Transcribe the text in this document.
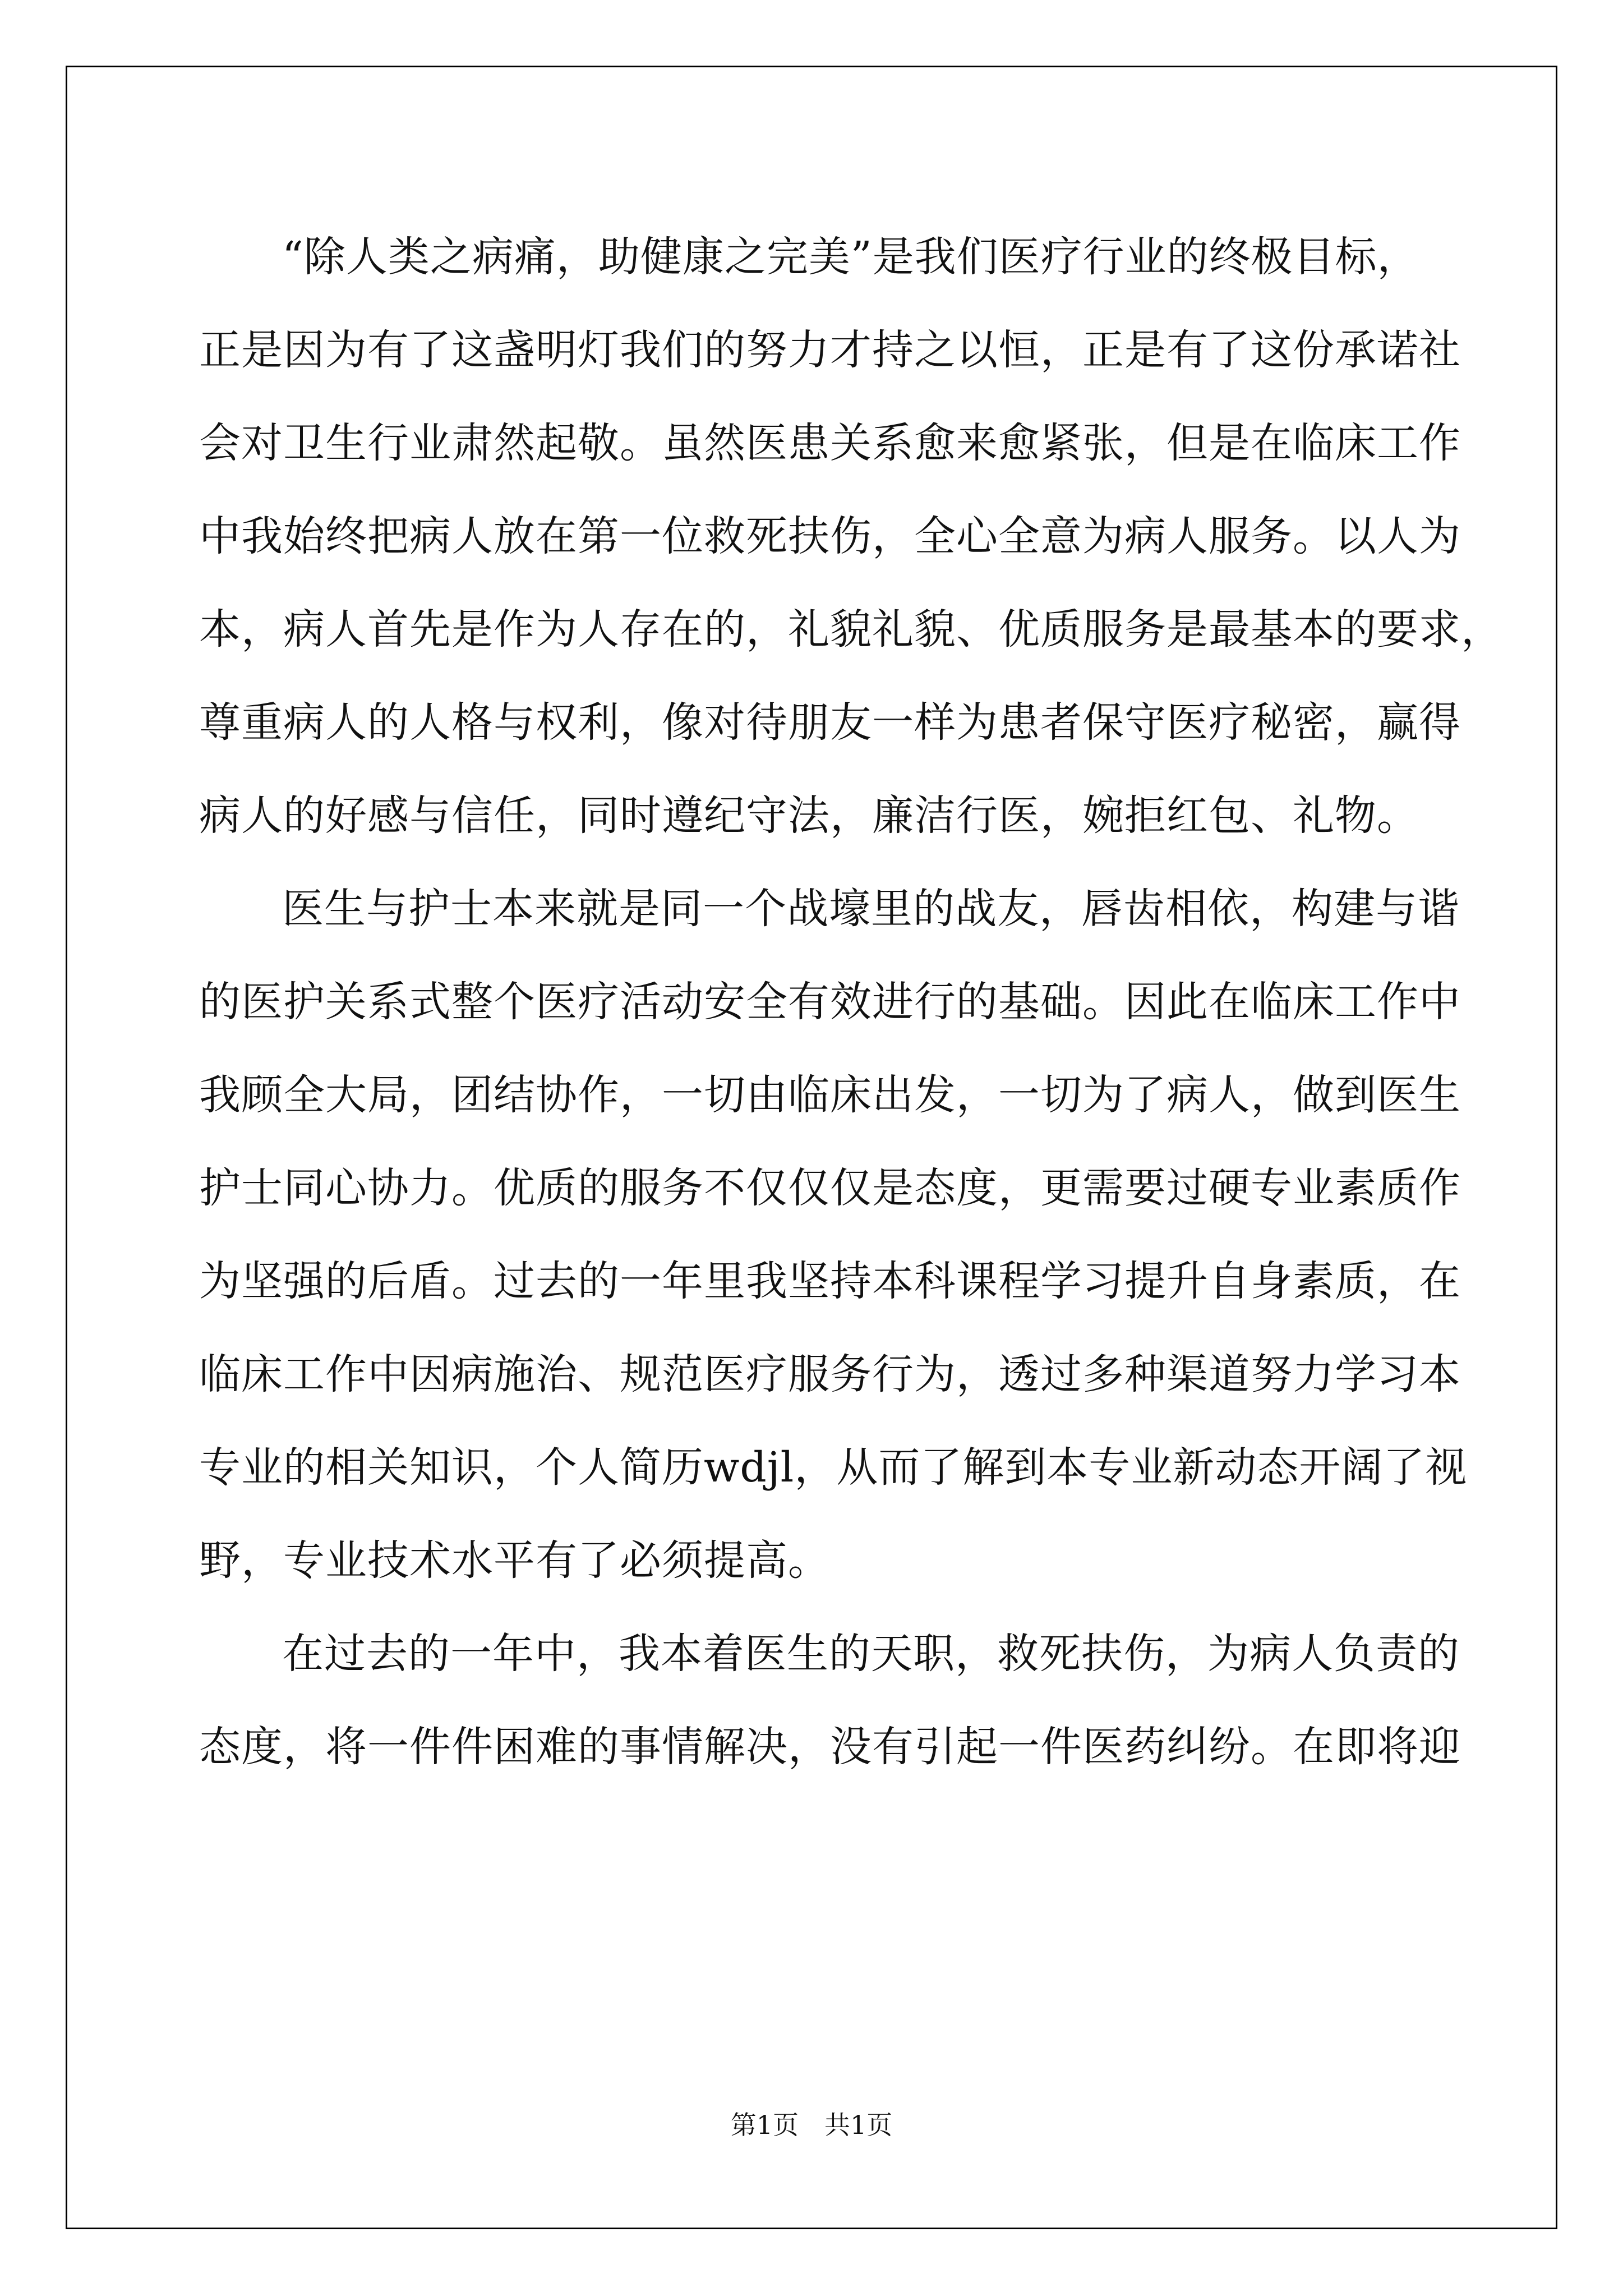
“除人类之病痛，助健康之完美”是我们医疗行业的终极目标，
正是因为有了这盏明灯我们的努力才持之以恒，正是有了这份承诺社
会对卫生行业肃然起敬。虽然医患关系愈来愈紧张，但是在临床工作
中我始终把病人放在第一位救死扶伤，全心全意为病人服务。以人为
本，病人首先是作为人存在的，礼貌礼貌、优质服务是最基本的要求，
尊重病人的人格与权利，像对待朋友一样为患者保守医疗秘密，赢得
病人的好感与信任，同时遵纪守法，廉洁行医，婉拒红包、礼物。
医生与护士本来就是同一个战壕里的战友，唇齿相依，构建与谐
的医护关系式整个医疗活动安全有效进行的基础。因此在临床工作中
我顾全大局，团结协作，一切由临床出发，一切为了病人，做到医生
护士同心协力。优质的服务不仅仅仅是态度，更需要过硬专业素质作
为坚强的后盾。过去的一年里我坚持本科课程学习提升自身素质，在
临床工作中因病施治、规范医疗服务行为，透过多种渠道努力学习本
专业的相关知识，个人简历wdjl，从而了解到本专业新动态开阔了视
野，专业技术水平有了必须提高。
在过去的一年中，我本着医生的天职，救死扶伤，为病人负责的
态度，将一件件困难的事情解决，没有引起一件医药纠纷。在即将迎
第1页　共1页
